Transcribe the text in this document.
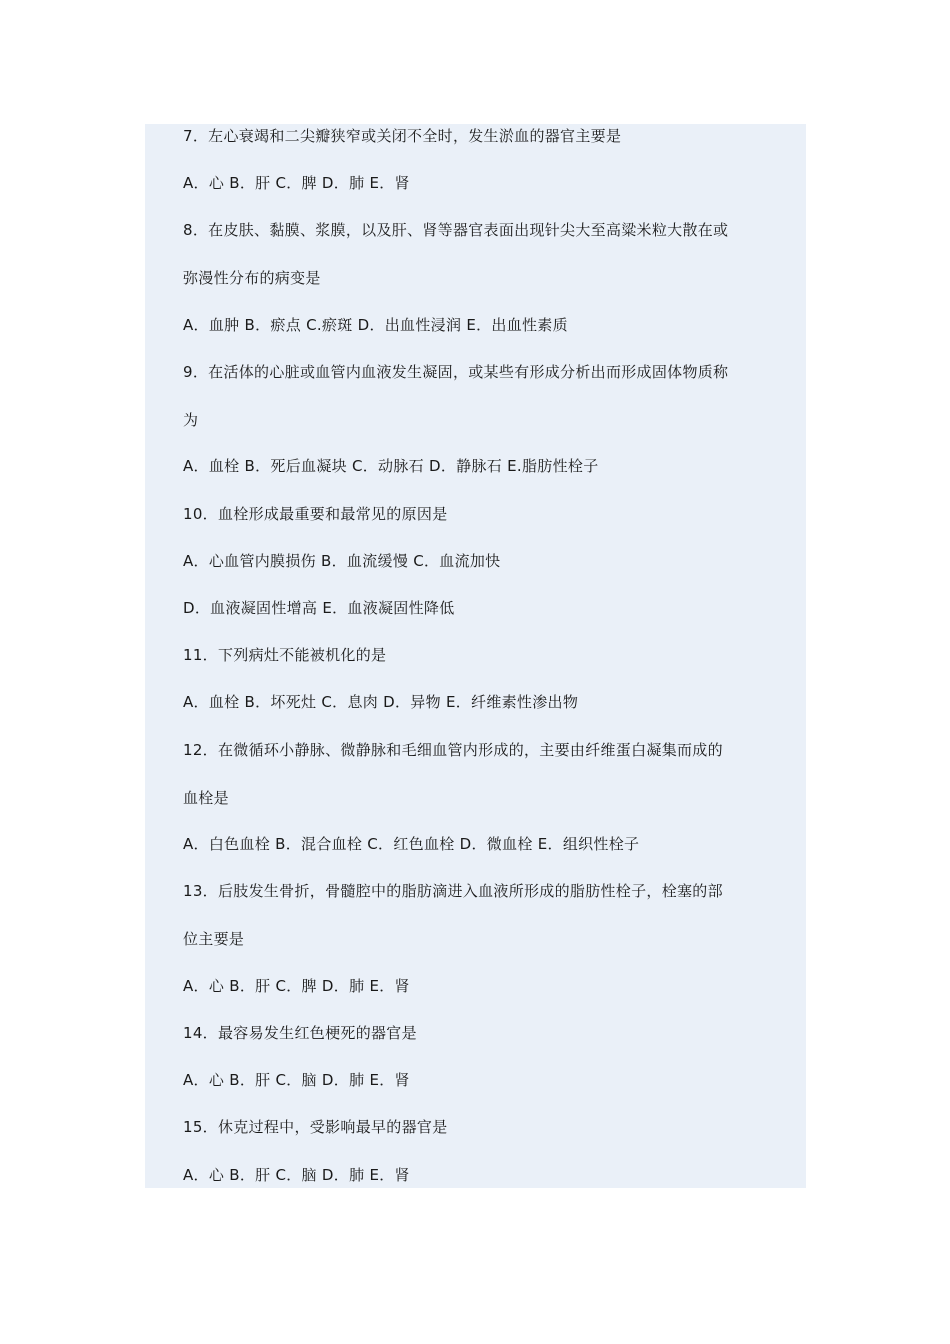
7．左心衰竭和二尖瓣狭窄或关闭不全时，发生淤血的器官主要是
A．心 B．肝 C．脾 D．肺 E．肾
8．在皮肤、黏膜、浆膜，以及肝、肾等器官表面出现针尖大至高粱米粒大散在或
弥漫性分布的病变是
A．血肿 B．瘀点 C.瘀斑 D．出血性浸润 E．出血性素质
9．在活体的心脏或血管内血液发生凝固，或某些有形成分析出而形成固体物质称
为
A．血栓 B．死后血凝块 C．动脉石 D．静脉石 E.脂肪性栓子
10．血栓形成最重要和最常见的原因是
A．心血管内膜损伤 B．血流缓慢 C．血流加快
D．血液凝固性增高 E．血液凝固性降低
11．下列病灶不能被机化的是
A．血栓 B．坏死灶 C．息肉 D．异物 E．纤维素性渗出物
12．在微循环小静脉、微静脉和毛细血管内形成的，主要由纤维蛋白凝集而成的
血栓是
A．白色血栓 B．混合血栓 C．红色血栓 D．微血栓 E．组织性栓子
13．后肢发生骨折，骨髓腔中的脂肪滴进入血液所形成的脂肪性栓子，栓塞的部
位主要是
A．心 B．肝 C．脾 D．肺 E．肾
14．最容易发生红色梗死的器官是
A．心 B．肝 C．脑 D．肺 E．肾
15．休克过程中，受影响最早的器官是
A．心 B．肝 C．脑 D．肺 E．肾
